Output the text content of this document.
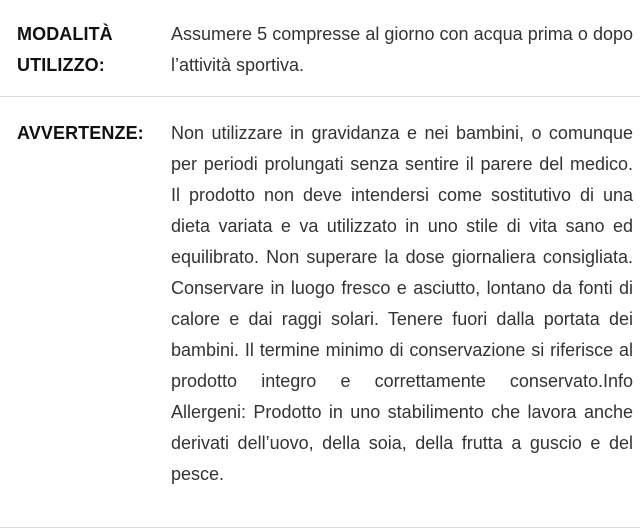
MODALITÀ UTILIZZO:
Assumere 5 compresse al giorno con acqua prima o dopo l’attività sportiva.
AVVERTENZE:	Non utilizzare in gravidanza e nei bambini, o comunque per periodi prolungati senza sentire il parere del medico. Il prodotto non deve intendersi come sostitutivo di una dieta variata e va utilizzato in uno stile di vita sano ed equilibrato. Non superare la dose giornaliera consigliata. Conservare in luogo fresco e asciutto, lontano da fonti di calore e dai raggi solari. Tenere fuori dalla portata dei bambini. Il termine minimo di conservazione si riferisce al prodotto integro e correttamente conservato.Info Allergeni: Prodotto in uno stabilimento che lavora anche derivati dell’uovo, della soia, della frutta a guscio e del pesce.
